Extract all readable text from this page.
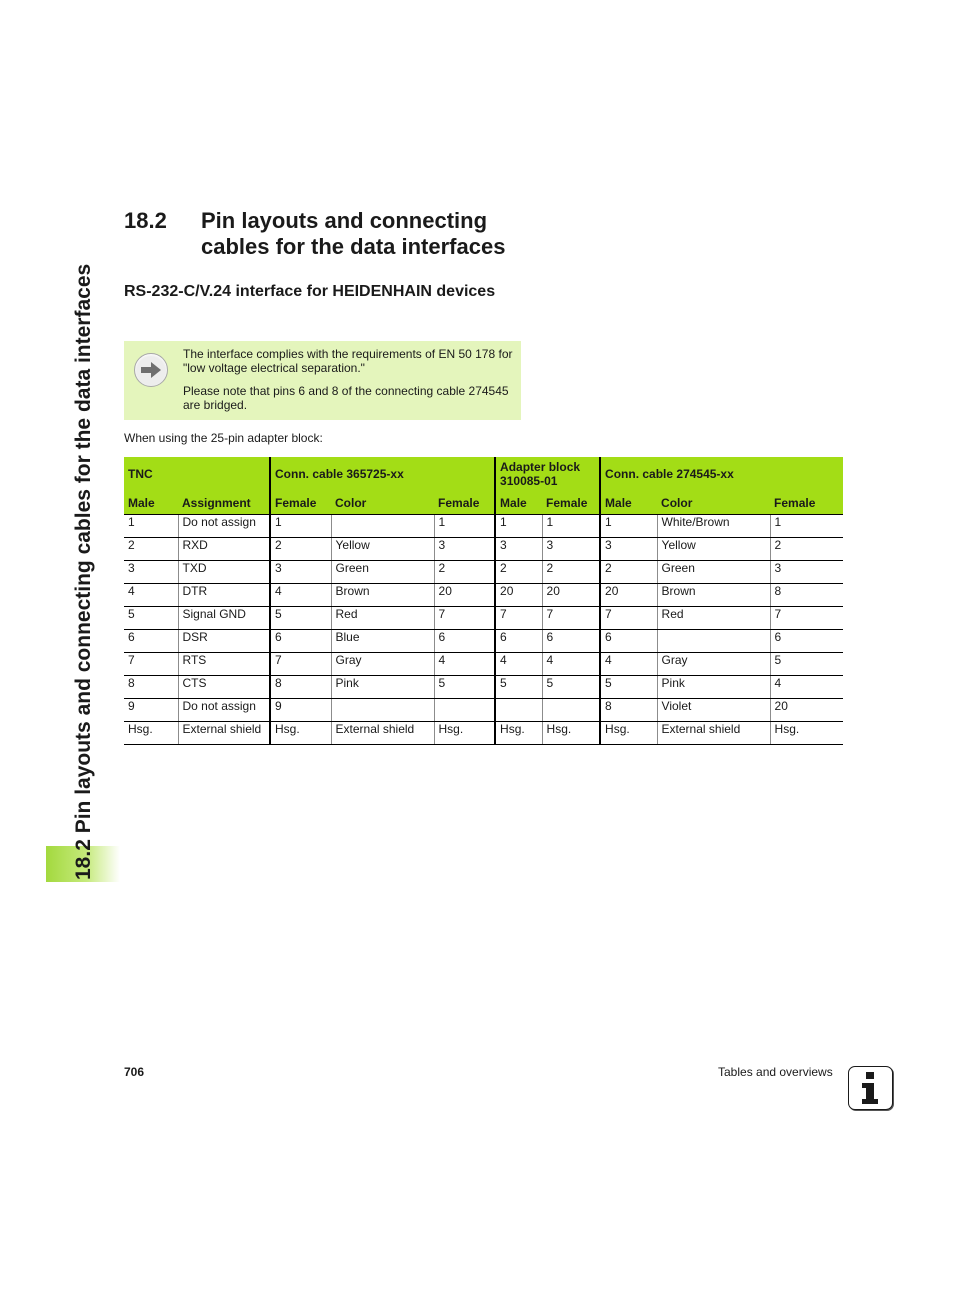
18.2 Pin layouts and connecting cables for the data interfaces
18.2 Pin layouts and connecting
cables for the data interfaces
RS-232-C/V.24 interface for HEIDENHAIN devices

The interface complies with the requirements of EN 50 178 for "low voltage electrical separation."

Please note that pins 6 and 8 of the connecting cable 274545 are bridged.

When using the 25-pin adapter block:

TNC		Conn. cable 365725-xx			Adapter block 310085-01		Conn. cable 274545-xx		
Male	Assignment	Female	Color	Female	Male	Female	Male	Color	Female
1	Do not assign	1		1	1	1	1	White/Brown	1
2	RXD	2	Yellow	3	3	3	3	Yellow	2
3	TXD	3	Green	2	2	2	2	Green	3
4	DTR	4	Brown	20	20	20	20	Brown	8
5	Signal GND	5	Red	7	7	7	7	Red	7
6	DSR	6	Blue	6	6	6	6		6
7	RTS	7	Gray	4	4	4	4	Gray	5
8	CTS	8	Pink	5	5	5	5	Pink	4
9	Do not assign	9					8	Violet	20
Hsg.	External shield	Hsg.	External shield	Hsg.	Hsg.	Hsg.	Hsg.	External shield	Hsg.
706	Tables and overviews
